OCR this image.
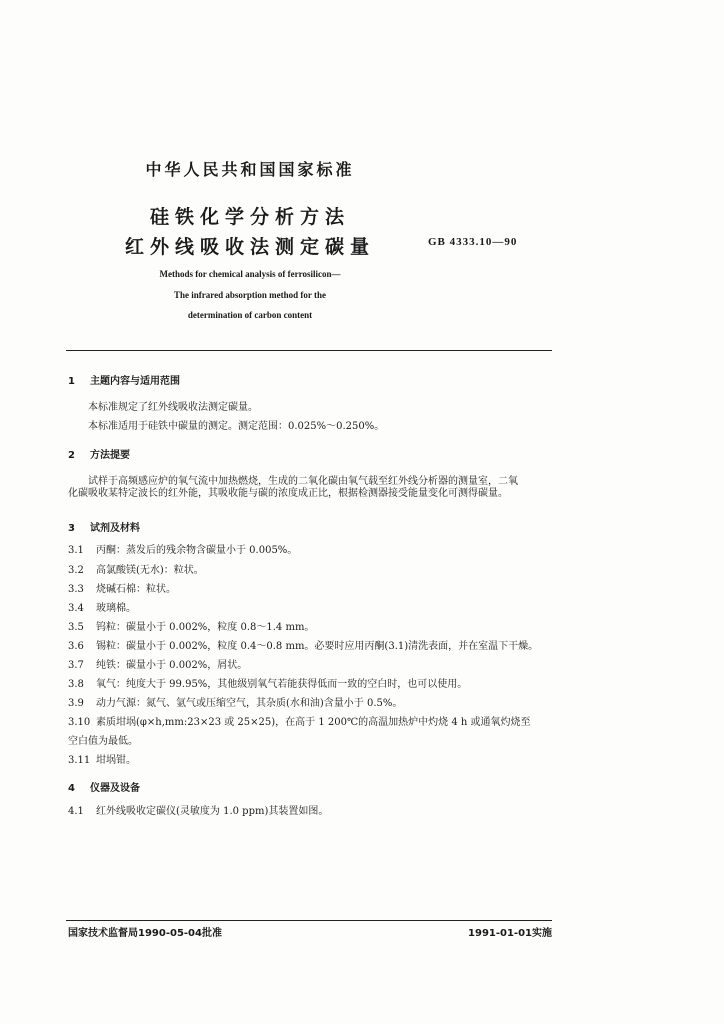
中华人民共和国国家标准
硅铁化学分析方法
红外线吸收法测定碳量	GB 4333.10—90
Methods for chemical analysis of ferrosilicon—
The infrared absorption method for the
determination of carbon content
1 主题内容与适用范围
本标准规定了红外线吸收法测定碳量。
本标准适用于硅铁中碳量的测定。测定范围：0.025%～0.250%。
2 方法提要
试样于高频感应炉的氧气流中加热燃烧，生成的二氧化碳由氧气载至红外线分析器的测量室，二氧
化碳吸收某特定波长的红外能，其吸收能与碳的浓度成正比，根据检测器接受能量变化可测得碳量。
3 试剂及材料
3.1 丙酮：蒸发后的残余物含碳量小于 0.005%。
3.2 高氯酸镁(无水)：粒状。
3.3 烧碱石棉：粒状。
3.4 玻璃棉。
3.5 钨粒：碳量小于 0.002%，粒度 0.8～1.4 mm。
3.6 锡粒：碳量小于 0.002%，粒度 0.4～0.8 mm。必要时应用丙酮(3.1)清洗表面，并在室温下干燥。
3.7 纯铁：碳量小于 0.002%，屑状。
3.8 氧气：纯度大于 99.95%，其他级别氧气若能获得低而一致的空白时，也可以使用。
3.9 动力气源：氮气、氩气或压缩空气，其杂质(水和油)含量小于 0.5%。
3.10 素质坩埚(φ×h,mm:23×23 或 25×25)，在高于 1 200℃的高温加热炉中灼烧 4 h 或通氧灼烧至
空白值为最低。
3.11 坩埚钳。
4 仪器及设备
4.1 红外线吸收定碳仪(灵敏度为 1.0 ppm)其装置如图。
国家技术监督局1990-05-04批准	1991-01-01实施
